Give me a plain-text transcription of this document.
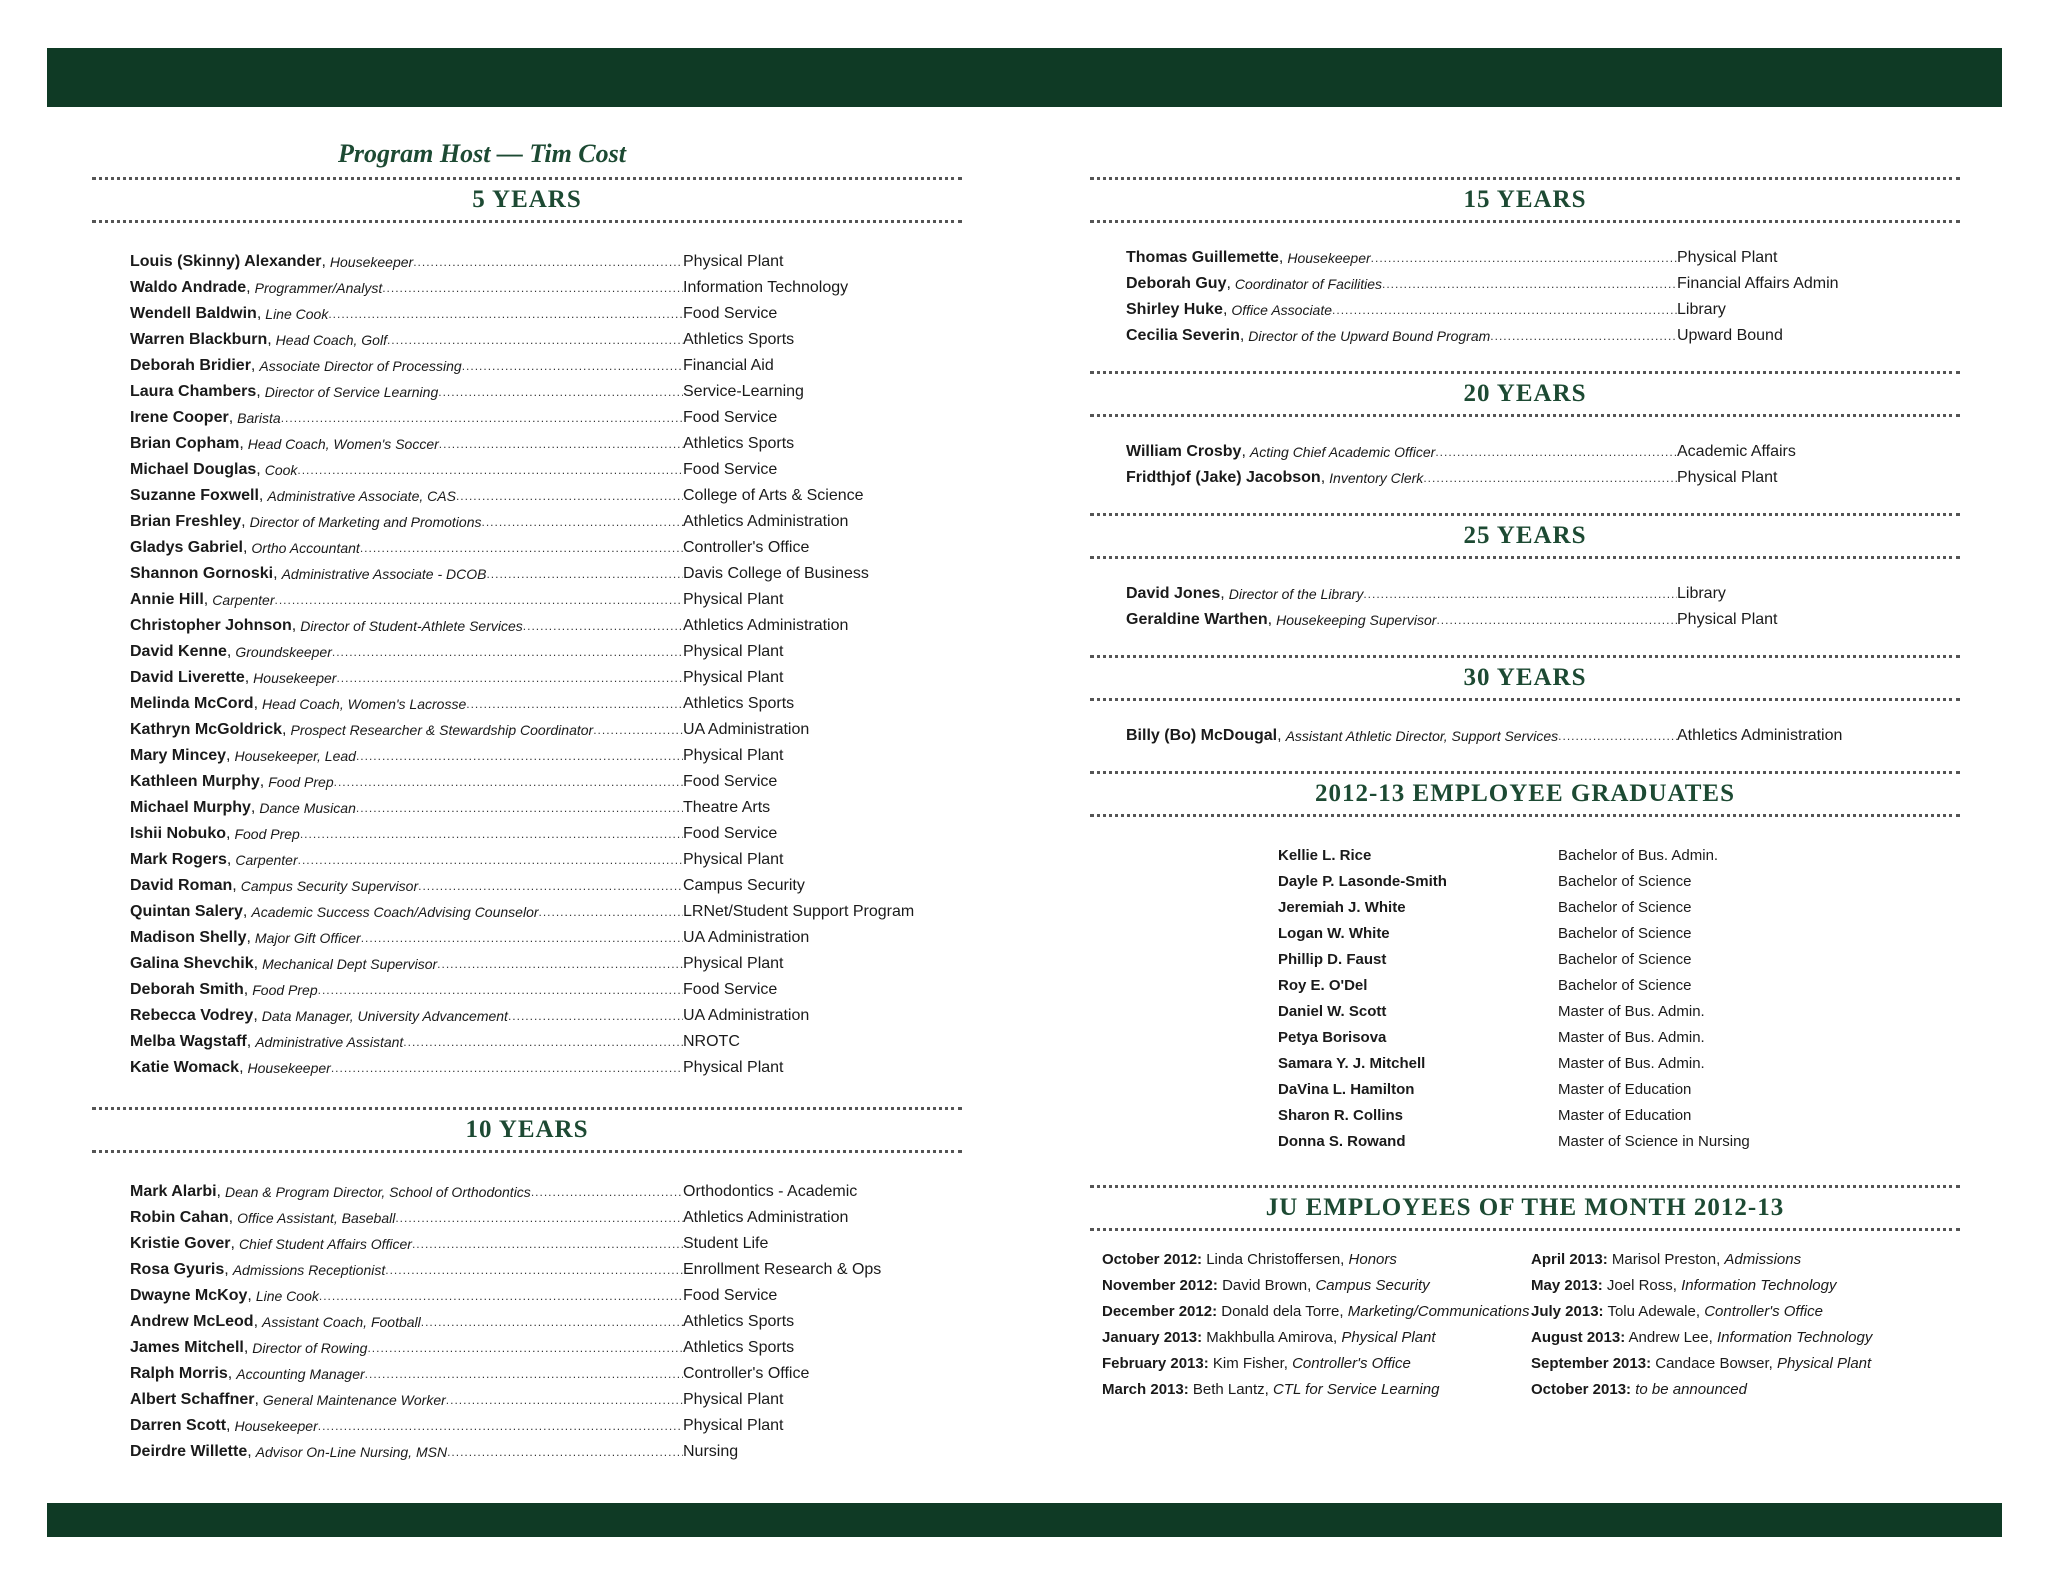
Program Host — Tim Cost
5 YEARS
Louis (Skinny) Alexander , Housekeeper .....	Physical Plant
Waldo Andrade , Programmer/Analyst .....	Information Technology
Wendell Baldwin , Line Cook .....	Food Service
Warren Blackburn , Head Coach, Golf .....	Athletics Sports
Deborah Bridier , Associate Director of Processing .....	Financial Aid
Laura Chambers , Director of Service Learning .....	Service-Learning
Irene Cooper , Barista .....	Food Service
Brian Copham , Head Coach, Women's Soccer .....	Athletics Sports
Michael Douglas , Cook .....	Food Service
Suzanne Foxwell , Administrative Associate, CAS .....	College of Arts & Science
Brian Freshley , Director of Marketing and Promotions .....	Athletics Administration
Gladys Gabriel , Ortho Accountant .....	Controller's Office
Shannon Gornoski , Administrative Associate - DCOB .....	Davis College of Business
Annie Hill , Carpenter .....	Physical Plant
Christopher Johnson , Director of Student-Athlete Services .....	Athletics Administration
David Kenne , Groundskeeper .....	Physical Plant
David Liverette , Housekeeper .....	Physical Plant
Melinda McCord , Head Coach, Women's Lacrosse .....	Athletics Sports
Kathryn McGoldrick , Prospect Researcher & Stewardship Coordinator .....	UA Administration
Mary Mincey , Housekeeper, Lead .....	Physical Plant
Kathleen Murphy , Food Prep .....	Food Service
Michael Murphy , Dance Musican .....	Theatre Arts
Ishii Nobuko , Food Prep .....	Food Service
Mark Rogers , Carpenter .....	Physical Plant
David Roman , Campus Security Supervisor .....	Campus Security
Quintan Salery , Academic Success Coach/Advising Counselor .....	LRNet/Student Support Program
Madison Shelly , Major Gift Officer .....	UA Administration
Galina Shevchik , Mechanical Dept Supervisor .....	Physical Plant
Deborah Smith , Food Prep .....	Food Service
Rebecca Vodrey , Data Manager, University Advancement .....	UA Administration
Melba Wagstaff , Administrative Assistant .....	NROTC
Katie Womack , Housekeeper .....	Physical Plant
10 YEARS
Mark Alarbi , Dean & Program Director, School of Orthodontics .....	Orthodontics - Academic
Robin Cahan , Office Assistant, Baseball .....	Athletics Administration
Kristie Gover , Chief Student Affairs Officer .....	Student Life
Rosa Gyuris , Admissions Receptionist .....	Enrollment Research & Ops
Dwayne McKoy , Line Cook .....	Food Service
Andrew McLeod , Assistant Coach, Football .....	Athletics Sports
James Mitchell , Director of Rowing .....	Athletics Sports
Ralph Morris , Accounting Manager .....	Controller's Office
Albert Schaffner , General Maintenance Worker .....	Physical Plant
Darren Scott , Housekeeper .....	Physical Plant
Deirdre Willette , Advisor On-Line Nursing, MSN .....	Nursing
15 YEARS
Thomas Guillemette , Housekeeper .....	Physical Plant
Deborah Guy , Coordinator of Facilities .....	Financial Affairs Admin
Shirley Huke , Office Associate .....	Library
Cecilia Severin , Director of the Upward Bound Program .....	Upward Bound
20 YEARS
William Crosby , Acting Chief Academic Officer .....	Academic Affairs
Fridthjof (Jake) Jacobson , Inventory Clerk .....	Physical Plant
25 YEARS
David Jones , Director of the Library .....	Library
Geraldine Warthen , Housekeeping Supervisor .....	Physical Plant
30 YEARS
Billy (Bo) McDougal , Assistant Athletic Director, Support Services .....	Athletics Administration
2012-13 EMPLOYEE GRADUATES
Kellie L. Rice	Bachelor of Bus. Admin.
Dayle P. Lasonde-Smith	Bachelor of Science
Jeremiah J. White	Bachelor of Science
Logan W. White	Bachelor of Science
Phillip D. Faust	Bachelor of Science
Roy E. O'Del	Bachelor of Science
Daniel W. Scott	Master of Bus. Admin.
Petya Borisova	Master of Bus. Admin.
Samara Y. J. Mitchell	Master of Bus. Admin.
DaVina L. Hamilton	Master of Education
Sharon R. Collins	Master of Education
Donna S. Rowand	Master of Science in Nursing
JU EMPLOYEES OF THE MONTH 2012-13
October 2012: Linda Christoffersen, Honors
November 2012: David Brown, Campus Security
December 2012: Donald dela Torre, Marketing/Communications
January 2013: Makhbulla Amirova, Physical Plant
February 2013: Kim Fisher, Controller's Office
March 2013: Beth Lantz, CTL for Service Learning
April 2013: Marisol Preston, Admissions
May 2013: Joel Ross, Information Technology
July 2013: Tolu Adewale, Controller's Office
August 2013: Andrew Lee, Information Technology
September 2013: Candace Bowser, Physical Plant
October 2013: to be announced
